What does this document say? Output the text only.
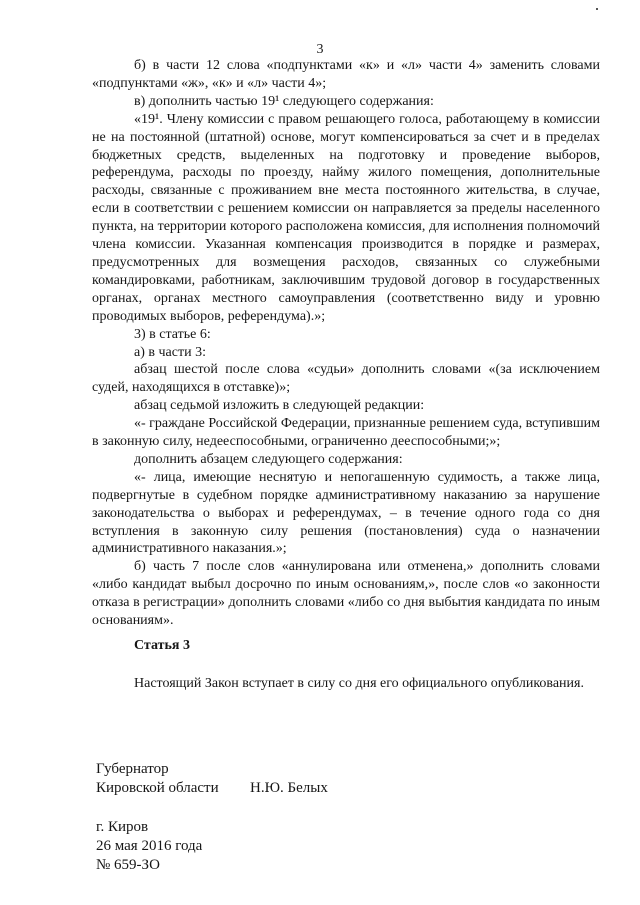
3

б) в части 12 слова «подпунктами «к» и «л» части 4» заменить словами «подпунктами «ж», «к» и «л» части 4»;

в) дополнить частью 19¹ следующего содержания:

«19¹. Члену комиссии с правом решающего голоса, работающему в комиссии не на постоянной (штатной) основе, могут компенсироваться за счет и в пределах бюджетных средств, выделенных на подготовку и проведение выборов, референдума, расходы по проезду, найму жилого помещения, дополнительные расходы, связанные с проживанием вне места постоянного жительства, в случае, если в соответствии с решением комиссии он направляется за пределы населенного пункта, на территории которого расположена комиссия, для исполнения полномочий члена комиссии. Указанная компенсация производится в порядке и размерах, предусмотренных для возмещения расходов, связанных со служебными командировками, работникам, заключившим трудовой договор в государственных органах, органах местного самоуправления (соответственно виду и уровню проводимых выборов, референдума).»;

3) в статье 6:

а) в части 3:

абзац шестой после слова «судьи» дополнить словами «(за исключением судей, находящихся в отставке)»;

абзац седьмой изложить в следующей редакции:

«- граждане Российской Федерации, признанные решением суда, вступившим в законную силу, недееспособными, ограниченно дееспособными;»;

дополнить абзацем следующего содержания:

«- лица, имеющие неснятую и непогашенную судимость, а также лица, подвергнутые в судебном порядке административному наказанию за нарушение законодательства о выборах и референдумах, – в течение одного года со дня вступления в законную силу решения (постановления) суда о назначении административного наказания.»;

б) часть 7 после слов «аннулирована или отменена,» дополнить словами «либо кандидат выбыл досрочно по иным основаниям,», после слов «о законности отказа в регистрации» дополнить словами «либо со дня выбытия кандидата по иным основаниям».

Статья 3

Настоящий Закон вступает в силу со дня его официального опубликования.

Губернатор
Кировской области	Н.Ю. Белых
г. Киров
26 мая 2016 года
№ 659-ЗО
